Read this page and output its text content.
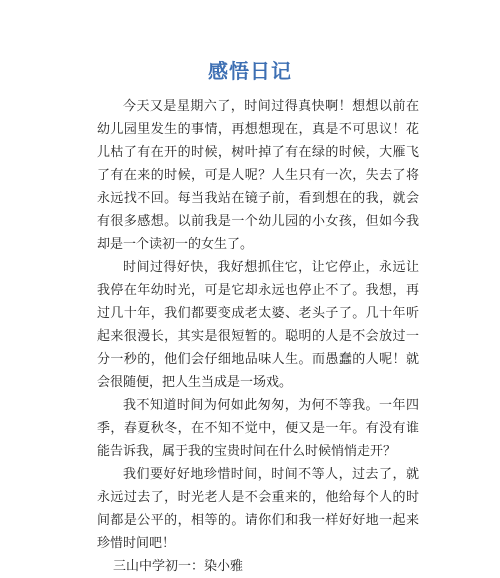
感悟日记

今天又是星期六了，时间过得真快啊！想想以前在幼儿园里发生的事情，再想想现在，真是不可思议！花儿枯了有在开的时候，树叶掉了有在绿的时候，大雁飞了有在来的时候，可是人呢？人生只有一次，失去了将永远找不回。每当我站在镜子前，看到想在的我，就会有很多感想。以前我是一个幼儿园的小女孩，但如今我却是一个读初一的女生了。

时间过得好快，我好想抓住它，让它停止，永远让我停在年幼时光，可是它却永远也停止不了。我想，再过几十年，我们都要变成老太婆、老头子了。几十年听起来很漫长，其实是很短暂的。聪明的人是不会放过一分一秒的，他们会仔细地品味人生。而愚蠢的人呢！就会很随便，把人生当成是一场戏。

我不知道时间为何如此匆匆，为何不等我。一年四季，春夏秋冬，在不知不觉中，便又是一年。有没有谁能告诉我，属于我的宝贵时间在什么时候悄悄走开？

我们要好好地珍惜时间，时间不等人，过去了，就永远过去了，时光老人是不会重来的，他给每个人的时间都是公平的，相等的。请你们和我一样好好地一起来珍惜时间吧！

三山中学初一：染小雅
